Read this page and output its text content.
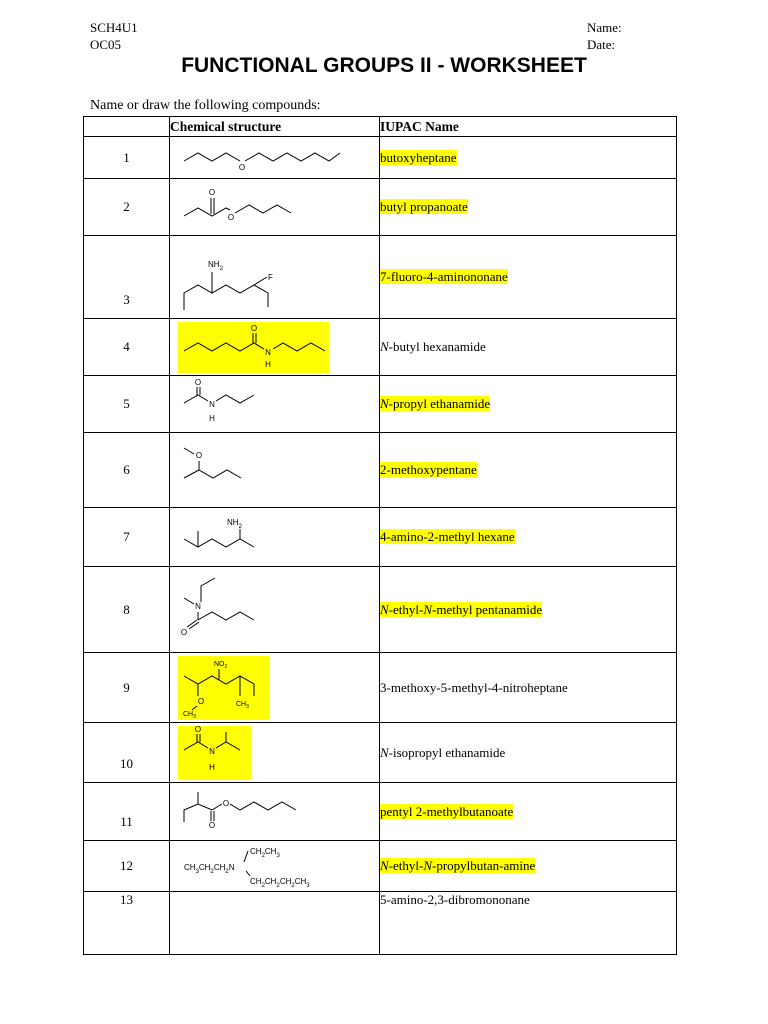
SCH4U1
OC05
Name:
Date:
FUNCTIONAL GROUPS II - WORKSHEET
Name or draw the following compounds:
	Chemical structure	IUPAC Name
1	O	butoxyheptane
2	O
O	butyl propanoate
3	$NH_2$
F	7-fluoro-4-aminononane
4	O
N
H	N-butyl hexanamide
5	O
N
H	N-propyl ethanamide
6	O	2-methoxypentane
7	$NH_2$	4-amino-2-methyl hexane
8	N
O	N-ethyl-N-methyl pentanamide
9	$NO_2$
O
$CH_3$
$CH_3$	3-methoxy-5-methyl-4-nitroheptane
10	O
N
H	N-isopropyl ethanamide
11	O
O	pentyl 2-methylbutanoate
12	$CH_2CH_3$
$CH_3CH_2CH_2N$
$CH_2CH_2CH_2CH_3$	N-ethyl-N-propylbutan-amine
13		5-amino-2,3-dibromononane
